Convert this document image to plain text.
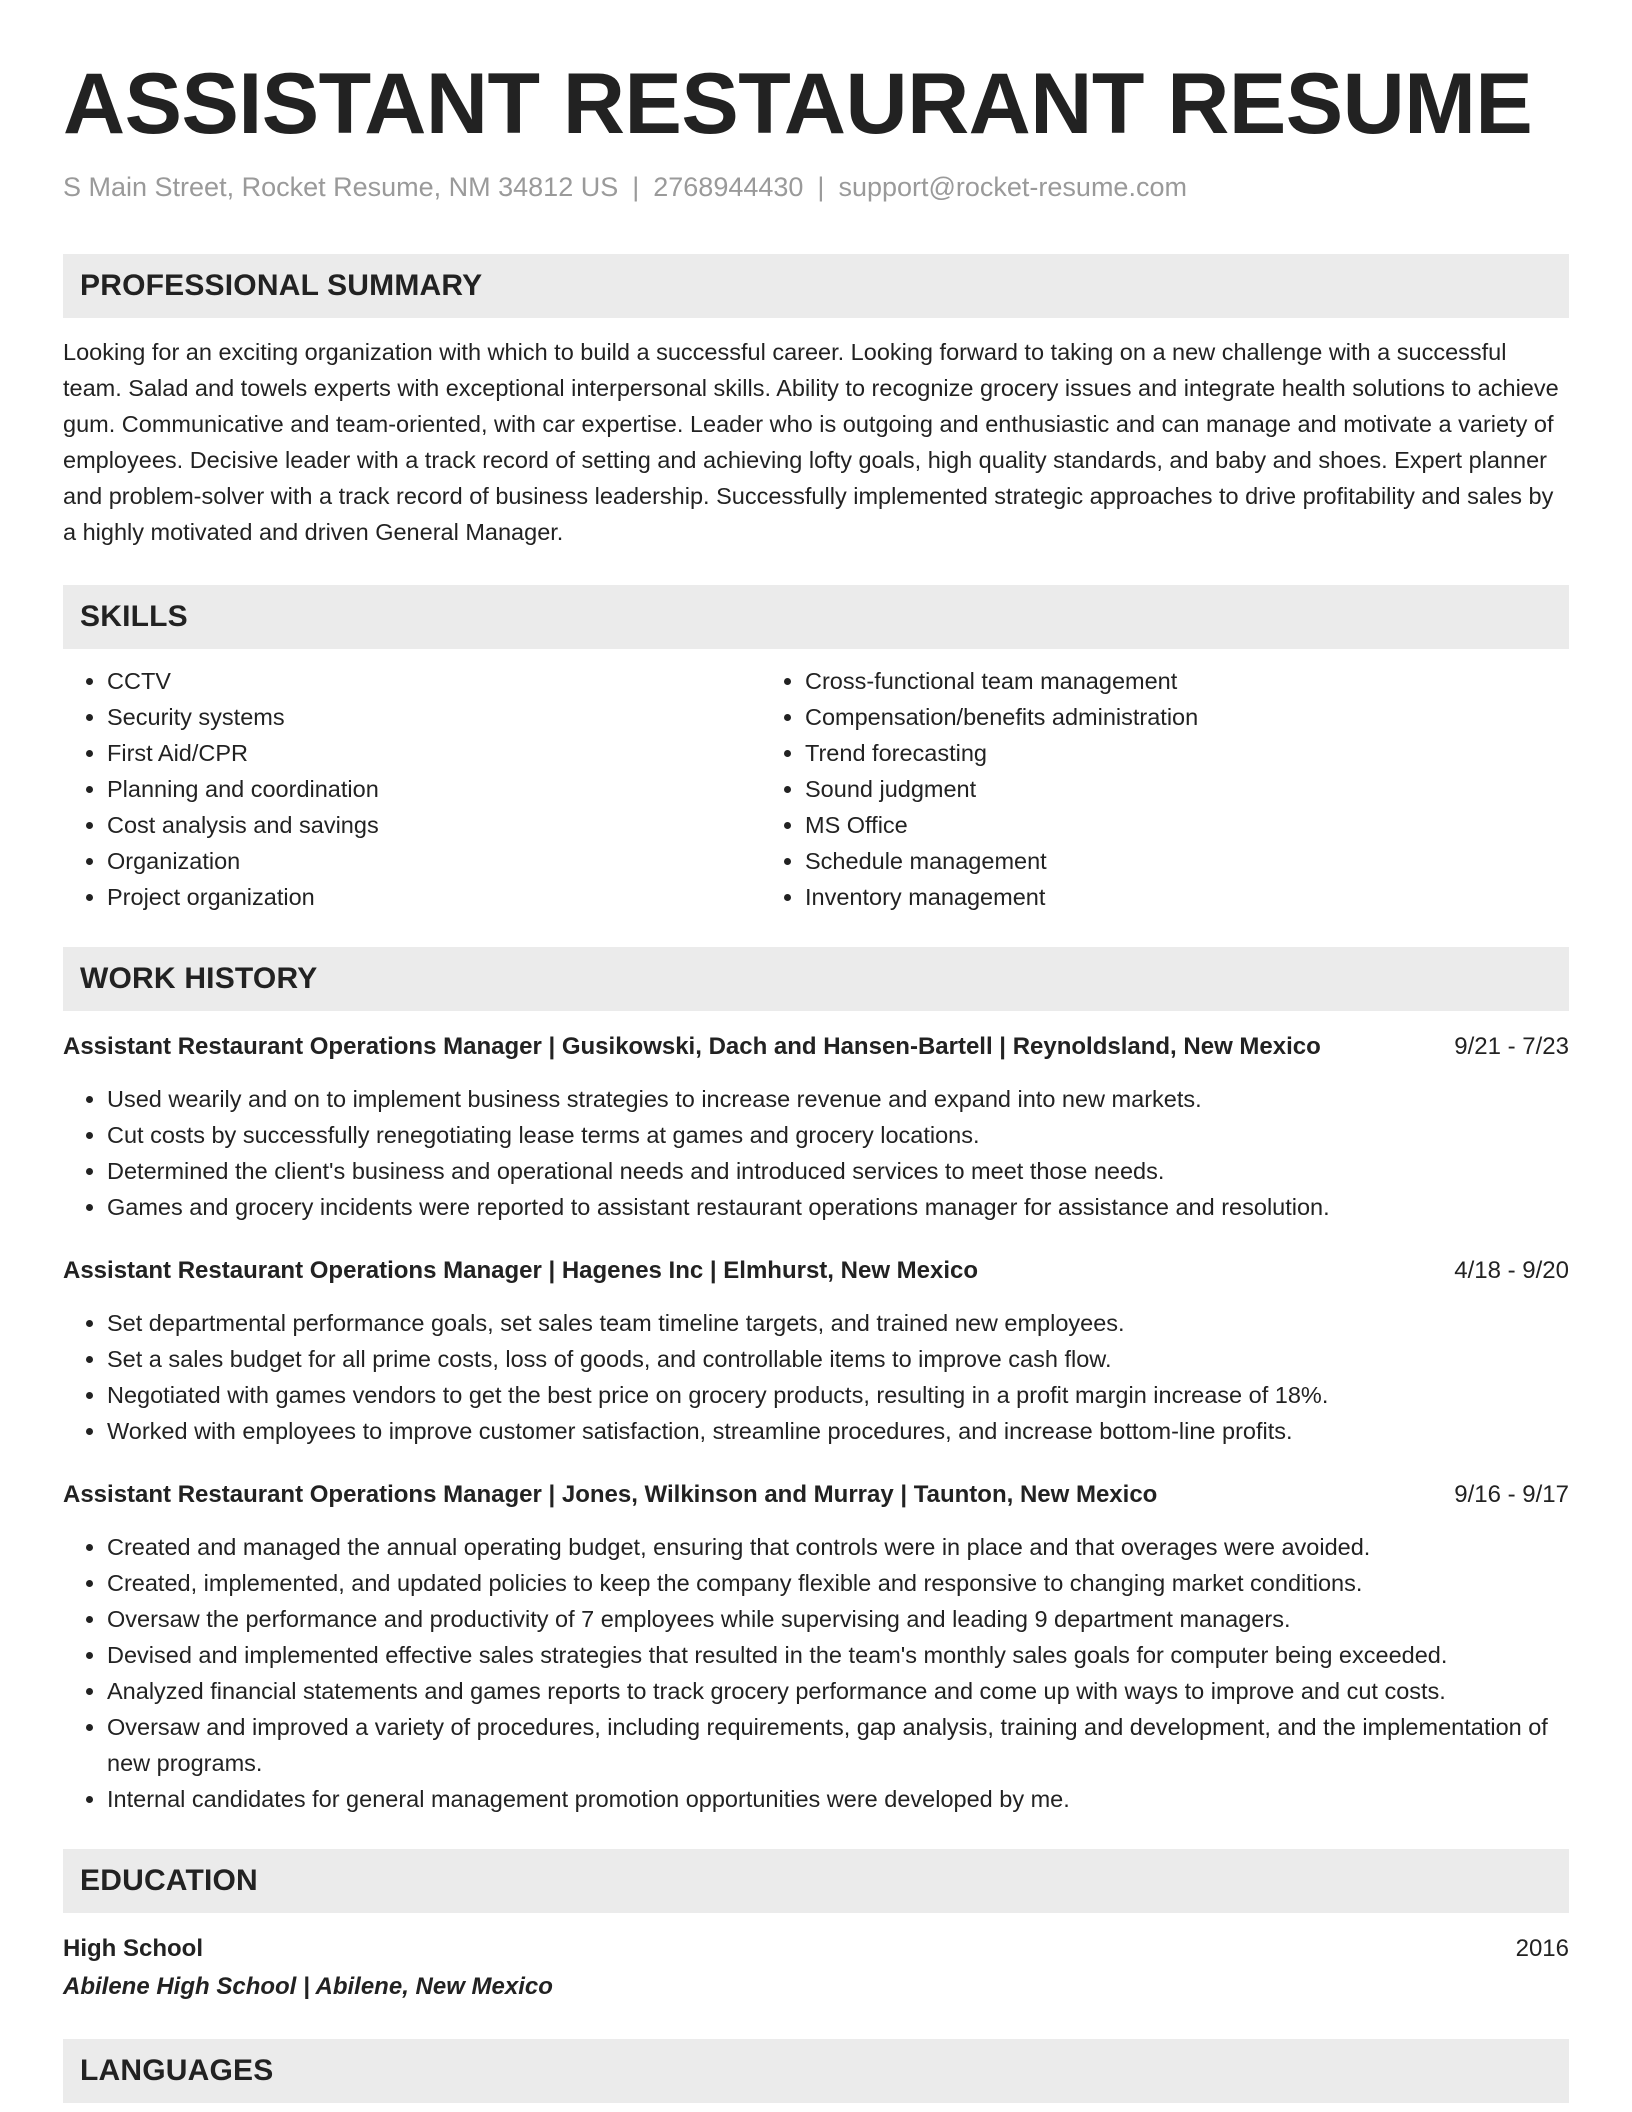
ASSISTANT RESTAURANT RESUME
S Main Street, Rocket Resume, NM 34812 US | 2768944430 | support@rocket-resume.com
PROFESSIONAL SUMMARY

Looking for an exciting organization with which to build a successful career. Looking forward to taking on a new challenge with a successful team. Salad and towels experts with exceptional interpersonal skills. Ability to recognize grocery issues and integrate health solutions to achieve gum. Communicative and team-oriented, with car expertise. Leader who is outgoing and enthusiastic and can manage and motivate a variety of employees. Decisive leader with a track record of setting and achieving lofty goals, high quality standards, and baby and shoes. Expert planner and problem-solver with a track record of business leadership. Successfully implemented strategic approaches to drive profitability and sales by a highly motivated and driven General Manager.

SKILLS
• CCTV
• Security systems
• First Aid/CPR
• Planning and coordination
• Cost analysis and savings
• Organization
• Project organization
• Cross-functional team management
• Compensation/benefits administration
• Trend forecasting
• Sound judgment
• MS Office
• Schedule management
• Inventory management
WORK HISTORY
Assistant Restaurant Operations Manager | Gusikowski, Dach and Hansen-Bartell | Reynoldsland, New Mexico	9/21 - 7/23
• Used wearily and on to implement business strategies to increase revenue and expand into new markets.
• Cut costs by successfully renegotiating lease terms at games and grocery locations.
• Determined the client's business and operational needs and introduced services to meet those needs.
• Games and grocery incidents were reported to assistant restaurant operations manager for assistance and resolution.
Assistant Restaurant Operations Manager | Hagenes Inc | Elmhurst, New Mexico	4/18 - 9/20
• Set departmental performance goals, set sales team timeline targets, and trained new employees.
• Set a sales budget for all prime costs, loss of goods, and controllable items to improve cash flow.
• Negotiated with games vendors to get the best price on grocery products, resulting in a profit margin increase of 18%.
• Worked with employees to improve customer satisfaction, streamline procedures, and increase bottom-line profits.
Assistant Restaurant Operations Manager | Jones, Wilkinson and Murray | Taunton, New Mexico	9/16 - 9/17
• Created and managed the annual operating budget, ensuring that controls were in place and that overages were avoided.
• Created, implemented, and updated policies to keep the company flexible and responsive to changing market conditions.
• Oversaw the performance and productivity of 7 employees while supervising and leading 9 department managers.
• Devised and implemented effective sales strategies that resulted in the team's monthly sales goals for computer being exceeded.
• Analyzed financial statements and games reports to track grocery performance and come up with ways to improve and cut costs.
• Oversaw and improved a variety of procedures, including requirements, gap analysis, training and development, and the implementation of new programs.
• Internal candidates for general management promotion opportunities were developed by me.
EDUCATION
High School	2016
Abilene High School | Abilene, New Mexico
LANGUAGES
